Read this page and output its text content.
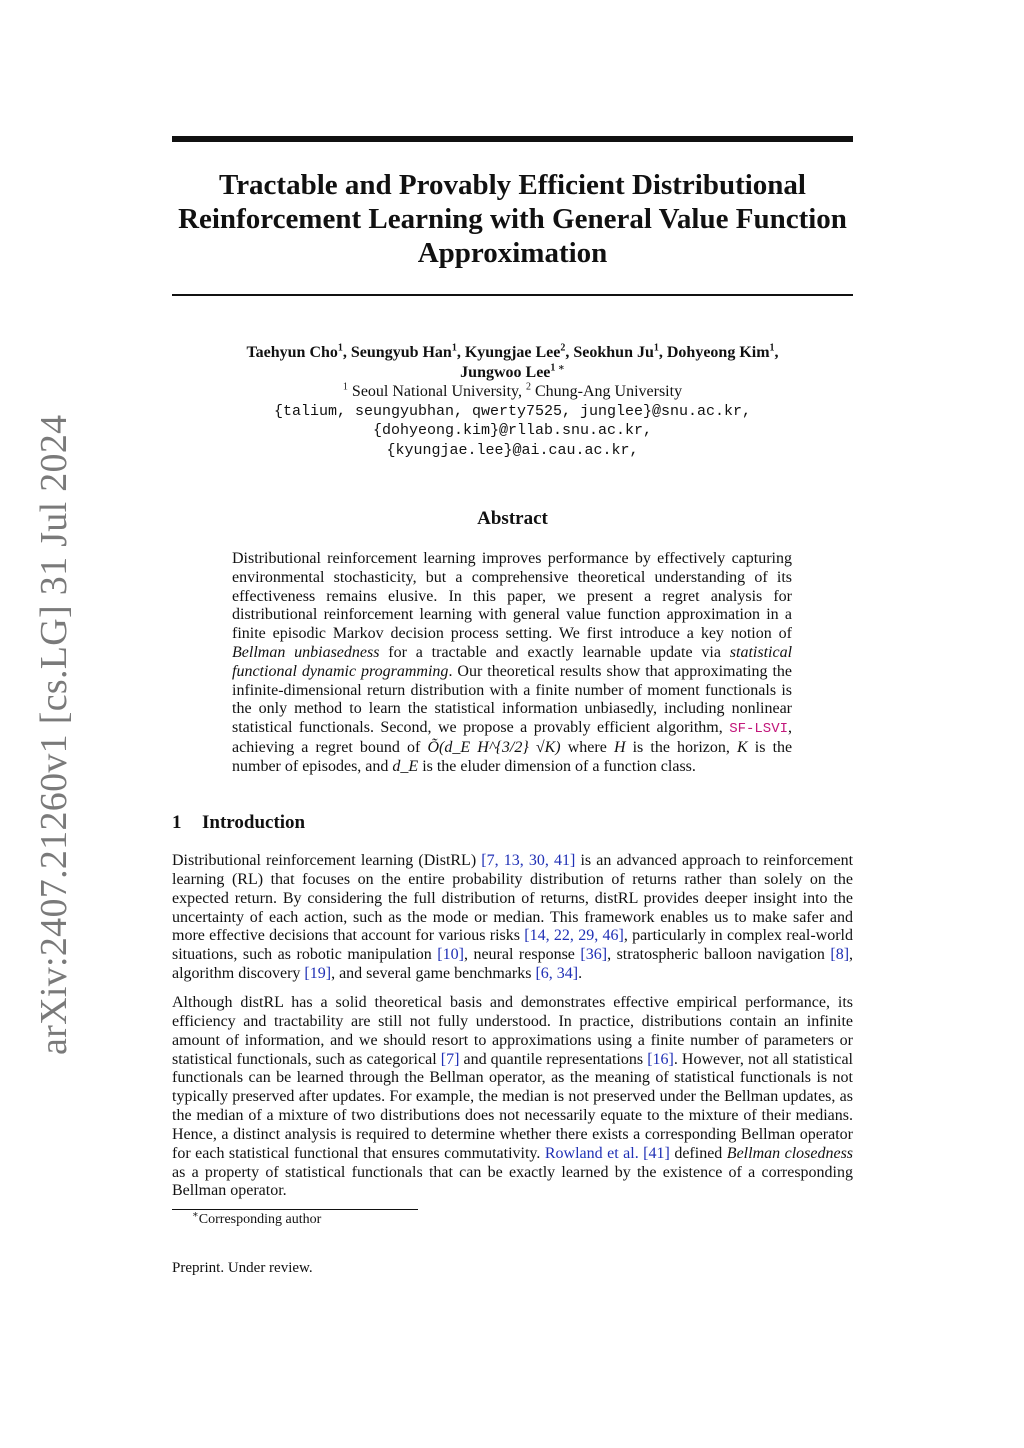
Tractable and Provably Efficient Distributional
Reinforcement Learning with General Value Function
Approximation
Taehyun Cho$^1$, Seungyub Han$^1$, Kyungjae Lee$^2$, Seokhun Ju$^1$, Dohyeong Kim$^1$,
Jungwoo Lee$^{1 ∗}$
$^1$ Seoul National University, $^2$ Chung-Ang University
{talium, seungyubhan, qwerty7525, junglee}@snu.ac.kr,
{dohyeong.kim}@rllab.snu.ac.kr,
{kyungjae.lee}@ai.cau.ac.kr,
arXiv:2407.21260v1 [cs.LG] 31 Jul 2024	Abstract

Distributional reinforcement learning improves performance by effectively capturing environmental stochasticity, but a comprehensive theoretical understanding of its effectiveness remains elusive. In this paper, we present a regret analysis for distributional reinforcement learning with general value function approximation in a finite episodic Markov decision process setting. We first introduce a key notion of Bellman unbiasedness for a tractable and exactly learnable update via statistical functional dynamic programming. Our theoretical results show that approximating the infinite-dimensional return distribution with a finite number of moment functionals is the only method to learn the statistical information unbiasedly, including nonlinear statistical functionals. Second, we propose a provably efficient algorithm, SF-LSVI, achieving a regret bound of Õ(d_E H^{3/2} √K) where H is the horizon, K is the number of episodes, and d_E is the eluder dimension of a function class.

1 Introduction

Distributional reinforcement learning (DistRL) [7, 13, 30, 41] is an advanced approach to reinforcement learning (RL) that focuses on the entire probability distribution of returns rather than solely on the expected return. By considering the full distribution of returns, distRL provides deeper insight into the uncertainty of each action, such as the mode or median. This framework enables us to make safer and more effective decisions that account for various risks [14, 22, 29, 46], particularly in complex real-world situations, such as robotic manipulation [10], neural response [36], stratospheric balloon navigation [8], algorithm discovery [19], and several game benchmarks [6, 34].

Although distRL has a solid theoretical basis and demonstrates effective empirical performance, its efficiency and tractability are still not fully understood. In practice, distributions contain an infinite amount of information, and we should resort to approximations using a finite number of parameters or statistical functionals, such as categorical [7] and quantile representations [16]. However, not all statistical functionals can be learned through the Bellman operator, as the meaning of statistical functionals is not typically preserved after updates. For example, the median is not preserved under the Bellman updates, as the median of a mixture of two distributions does not necessarily equate to the mixture of their medians. Hence, a distinct analysis is required to determine whether there exists a corresponding Bellman operator for each statistical functional that ensures commutativity. Rowland et al. [41] defined Bellman closedness as a property of statistical functionals that can be exactly learned by the existence of a corresponding Bellman operator.

∗Corresponding author

Preprint. Under review.
